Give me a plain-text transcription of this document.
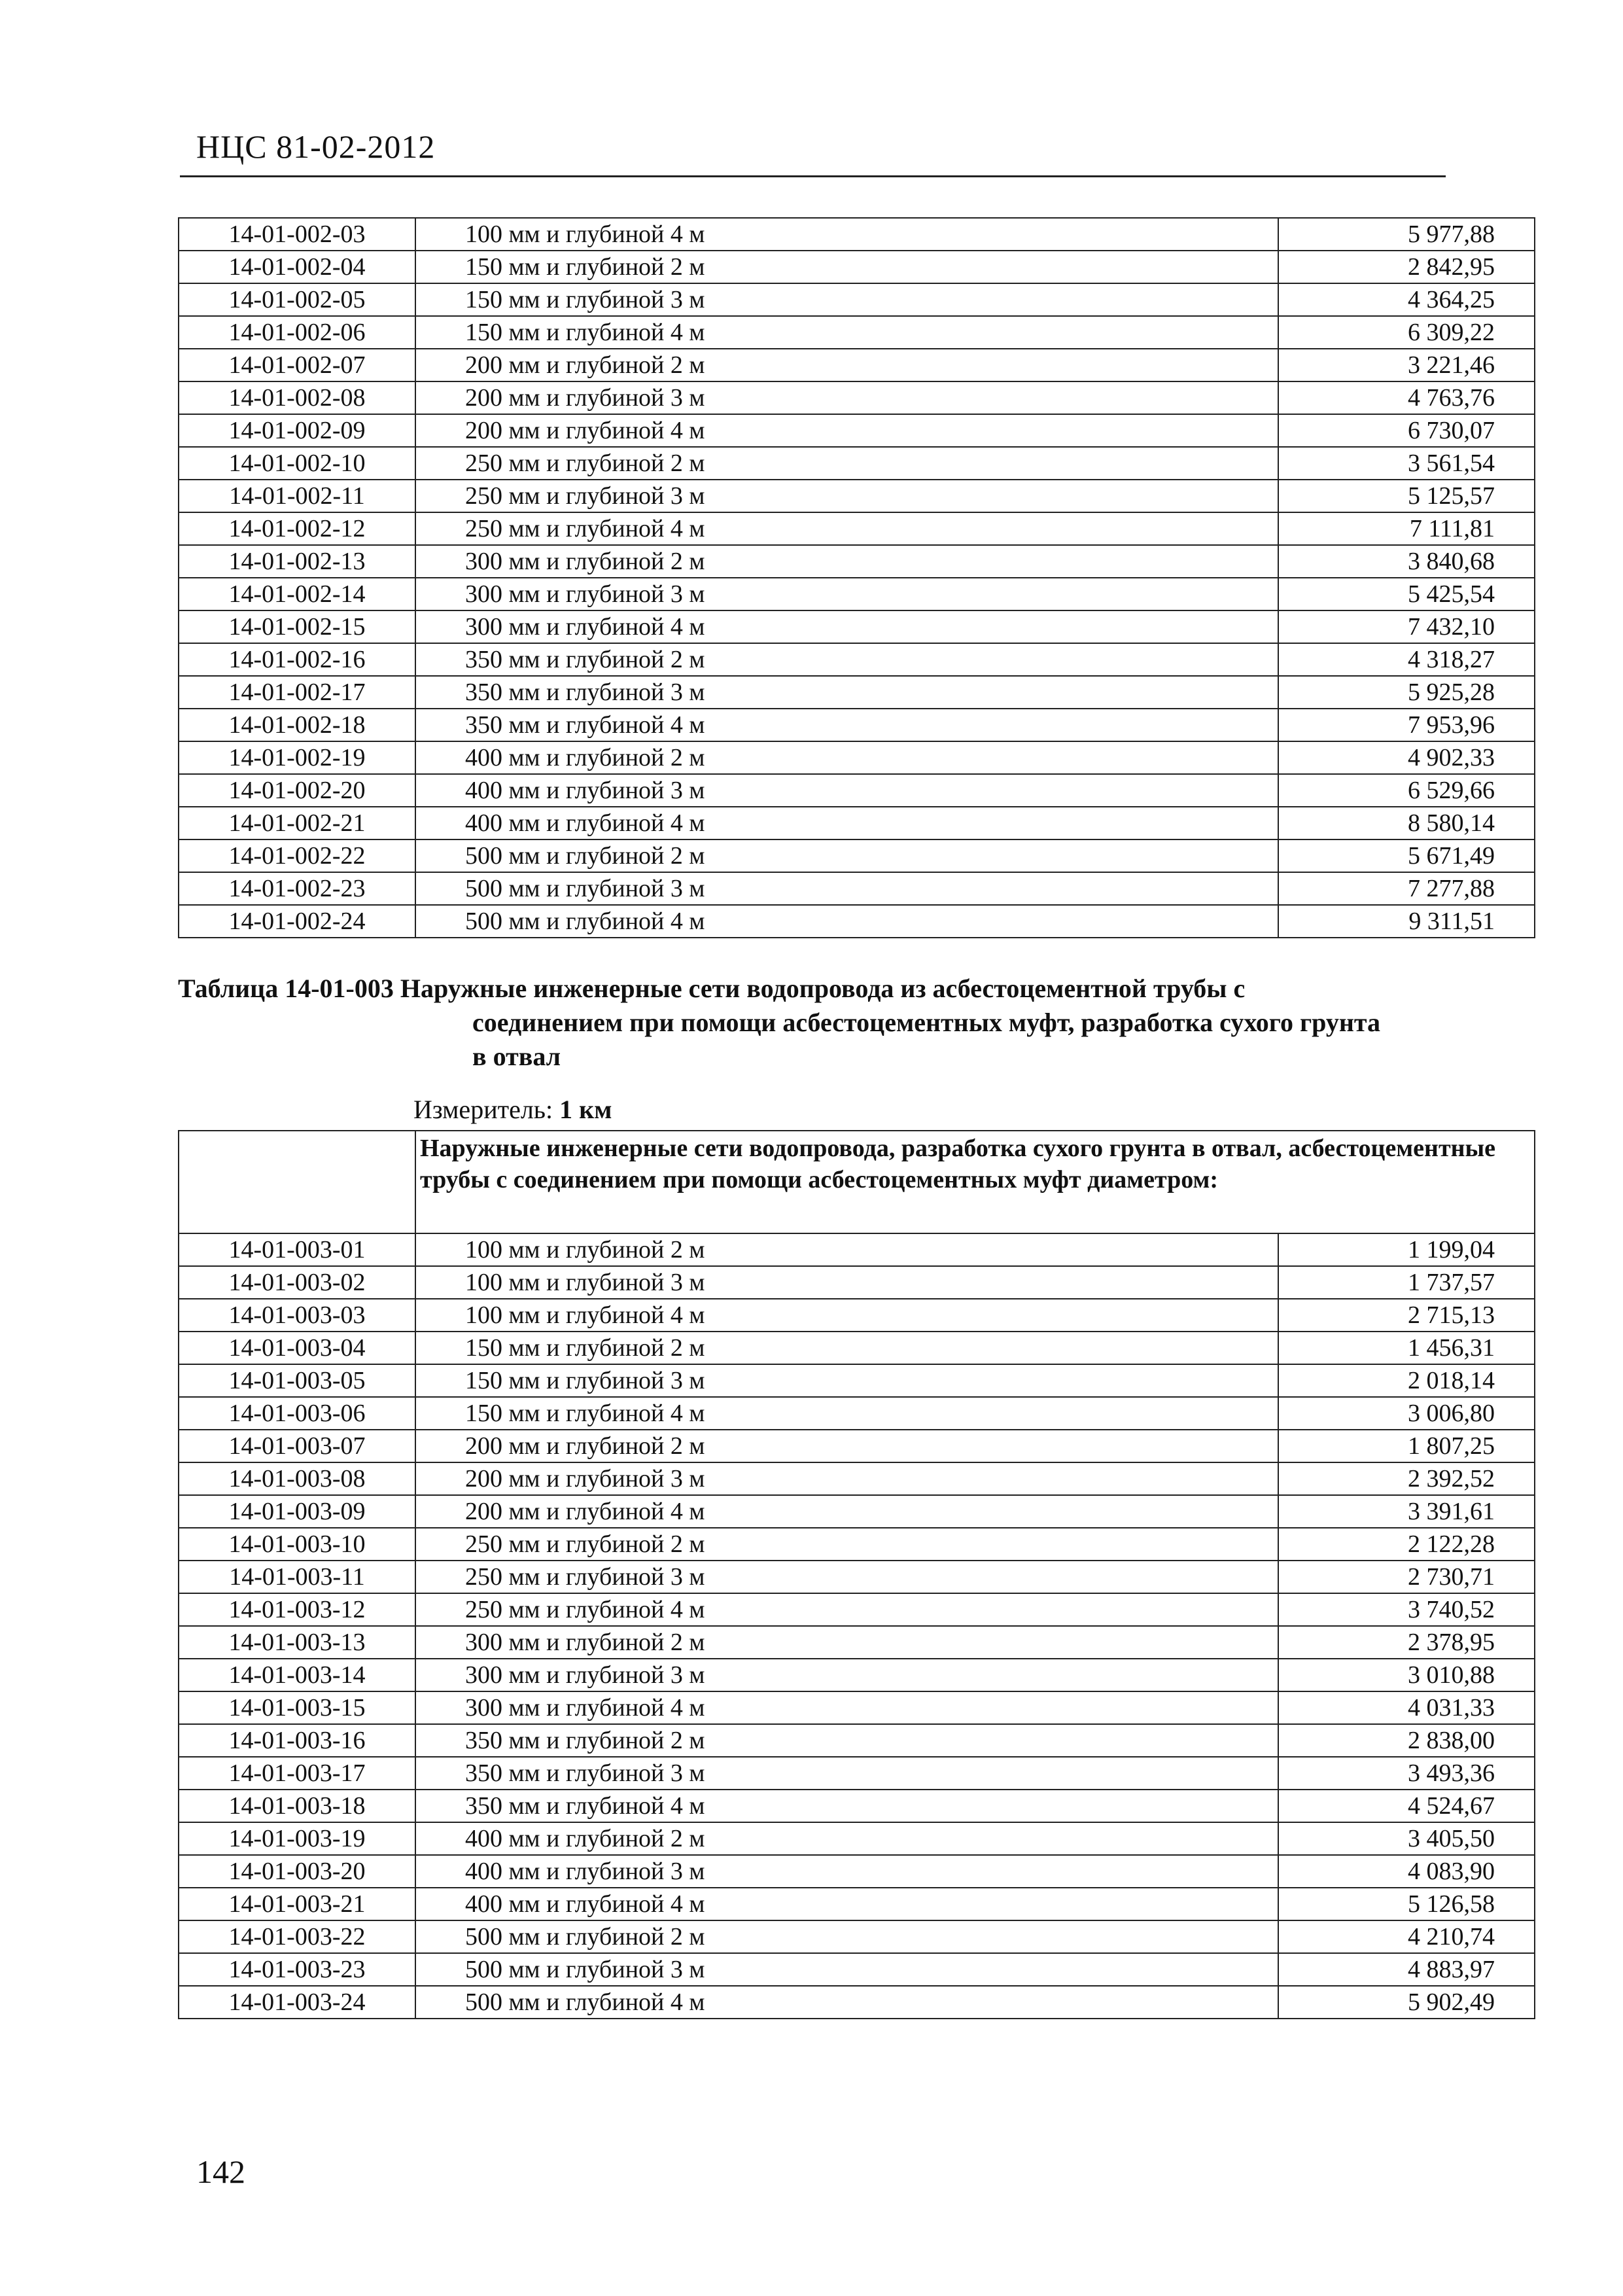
НЦС 81-02-2012
14-01-002-03	100 мм и глубиной 4 м	5 977,88
14-01-002-04	150 мм и глубиной 2 м	2 842,95
14-01-002-05	150 мм и глубиной 3 м	4 364,25
14-01-002-06	150 мм и глубиной 4 м	6 309,22
14-01-002-07	200 мм и глубиной 2 м	3 221,46
14-01-002-08	200 мм и глубиной 3 м	4 763,76
14-01-002-09	200 мм и глубиной 4 м	6 730,07
14-01-002-10	250 мм и глубиной 2 м	3 561,54
14-01-002-11	250 мм и глубиной 3 м	5 125,57
14-01-002-12	250 мм и глубиной 4 м	7 111,81
14-01-002-13	300 мм и глубиной 2 м	3 840,68
14-01-002-14	300 мм и глубиной 3 м	5 425,54
14-01-002-15	300 мм и глубиной 4 м	7 432,10
14-01-002-16	350 мм и глубиной 2 м	4 318,27
14-01-002-17	350 мм и глубиной 3 м	5 925,28
14-01-002-18	350 мм и глубиной 4 м	7 953,96
14-01-002-19	400 мм и глубиной 2 м	4 902,33
14-01-002-20	400 мм и глубиной 3 м	6 529,66
14-01-002-21	400 мм и глубиной 4 м	8 580,14
14-01-002-22	500 мм и глубиной 2 м	5 671,49
14-01-002-23	500 мм и глубиной 3 м	7 277,88
14-01-002-24	500 мм и глубиной 4 м	9 311,51
Таблица 14-01-003 Наружные инженерные сети водопровода из асбестоцементной трубы с
соединением при помощи асбестоцементных муфт, разработка сухого грунта
в отвал
Измеритель: 1 км

	Наружные инженерные сети водопровода, разработка сухого грунта в отвал, асбестоцементные трубы с соединением при помощи асбестоцементных муфт диаметром:	

14-01-003-01	100 мм и глубиной 2 м	1 199,04
14-01-003-02	100 мм и глубиной 3 м	1 737,57
14-01-003-03	100 мм и глубиной 4 м	2 715,13
14-01-003-04	150 мм и глубиной 2 м	1 456,31
14-01-003-05	150 мм и глубиной 3 м	2 018,14
14-01-003-06	150 мм и глубиной 4 м	3 006,80
14-01-003-07	200 мм и глубиной 2 м	1 807,25
14-01-003-08	200 мм и глубиной 3 м	2 392,52
14-01-003-09	200 мм и глубиной 4 м	3 391,61
14-01-003-10	250 мм и глубиной 2 м	2 122,28
14-01-003-11	250 мм и глубиной 3 м	2 730,71
14-01-003-12	250 мм и глубиной 4 м	3 740,52
14-01-003-13	300 мм и глубиной 2 м	2 378,95
14-01-003-14	300 мм и глубиной 3 м	3 010,88
14-01-003-15	300 мм и глубиной 4 м	4 031,33
14-01-003-16	350 мм и глубиной 2 м	2 838,00
14-01-003-17	350 мм и глубиной 3 м	3 493,36
14-01-003-18	350 мм и глубиной 4 м	4 524,67
14-01-003-19	400 мм и глубиной 2 м	3 405,50
14-01-003-20	400 мм и глубиной 3 м	4 083,90
14-01-003-21	400 мм и глубиной 4 м	5 126,58
14-01-003-22	500 мм и глубиной 2 м	4 210,74
14-01-003-23	500 мм и глубиной 3 м	4 883,97
14-01-003-24	500 мм и глубиной 4 м	5 902,49
142
